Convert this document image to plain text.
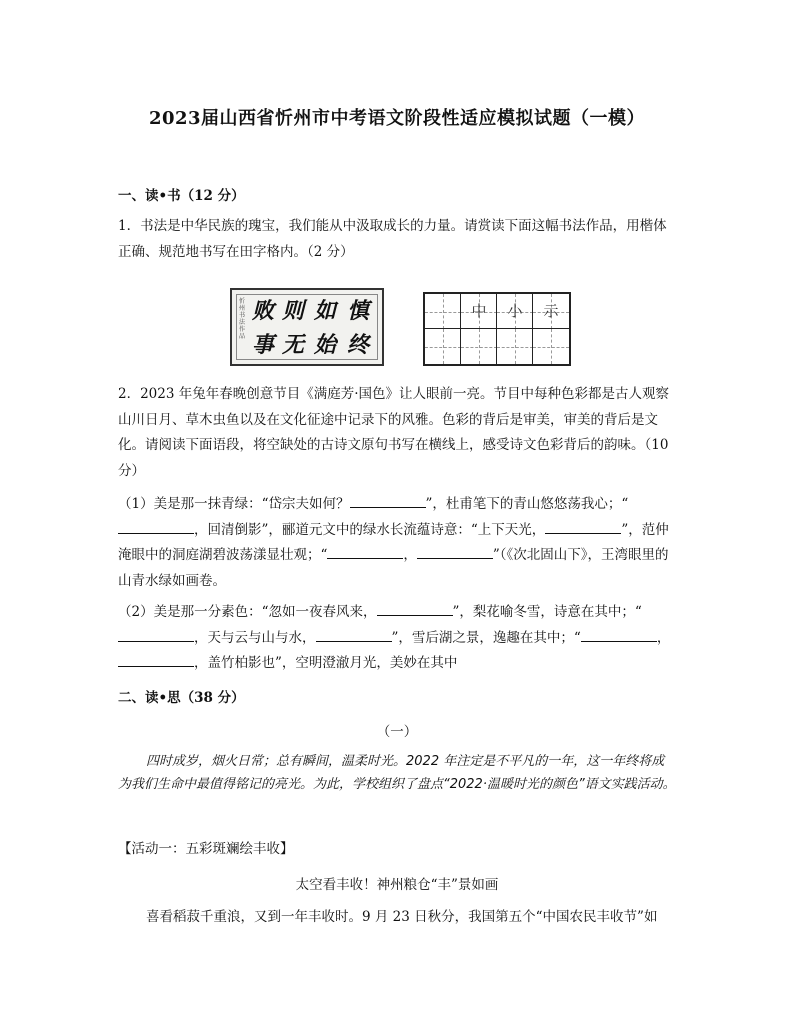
2023届山西省忻州市中考语文阶段性适应模拟试题（一模）
一、读•书（12 分）
1．书法是中华民族的瑰宝，我们能从中汲取成长的力量。请赏读下面这幅书法作品，用楷体正确、规范地书写在田字格内。（2 分）
忻州书法作品
慎
如
则
败
终
始
无
事
中	小	示
2．2023 年兔年春晚创意节目《满庭芳·国色》让人眼前一亮。节目中每种色彩都是古人观察山川日月、草木虫鱼以及在文化征途中记录下的风雅。色彩的背后是审美，审美的背后是文化。请阅读下面语段，将空缺处的古诗文原句书写在横线上，感受诗文色彩背后的韵味。（10 分）
（1）美是那一抹青绿：“岱宗夫如何？	”，杜甫笔下的青山悠悠荡我心；“，回清倒影”，郦道元文中的绿水长流蕴诗意：“上下天光，	”，范仲淹眼中的洞庭湖碧波荡漾显壮观；“	，	”（《次北固山下》，王湾眼里的山青水绿如画卷。
（2）美是那一分素色：“忽如一夜春风来，	”，梨花喻冬雪，诗意在其中；“，天与云与山与水，	”，雪后湖之景，逸趣在其中；“	，，盖竹柏影也”，空明澄澈月光，美妙在其中
二、读•思（38 分）
（一）
四时成岁，烟火日常；总有瞬间，温柔时光。2022 年注定是不平凡的一年，这一年终将成为我们生命中最值得铭记的亮光。为此，学校组织了盘点“2022·温暖时光的颜色”语文实践活动。
【活动一：五彩斑斓绘丰收】
太空看丰收！神州粮仓“丰”景如画
喜看稻菽千重浪，又到一年丰收时。9 月 23 日秋分，我国第五个“中国农民丰收节”如
